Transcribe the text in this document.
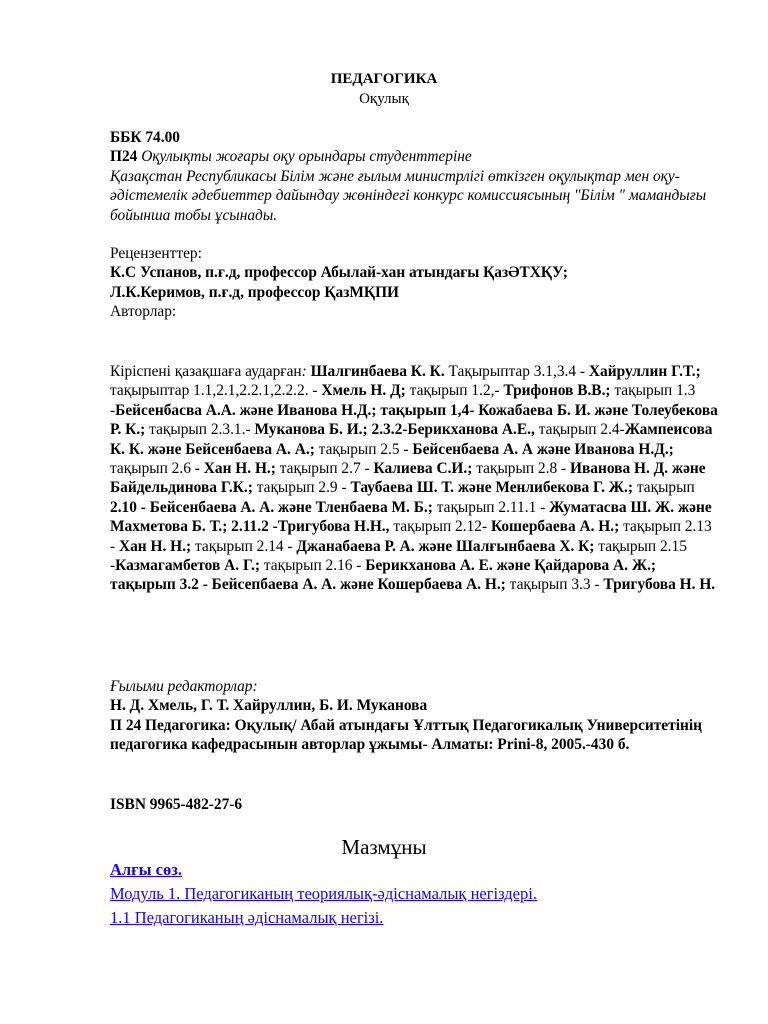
ПЕДАГОГИКА
Оқулық

ББК 74.00

П24 Оқулықты жоғары оқу орындары студенттеріне

Қазақстан Республикасы Білім және ғылым министрлігі өткізген оқулықтар мен оқу-әдістемелік әдебиеттер дайындау жөніндегі конкурс комиссиясының "Білім " мамандығы бойынша тобы ұсынады.

Рецензенттер:

К.С Успанов, п.ғ.д, профессор Абылай-хан атындағы ҚазӘТХҚУ;

Л.К.Керимов, п.ғ.д, профессор ҚазМҚПИ

Авторлар:

Кіріспені қазақшаға аударған: Шалгинбаева К. К. Тақырыптар 3.1,3.4 - Хайруллин Г.Т.; тақырыптар 1.1,2.1,2.2.1,2.2.2. - Хмель Н. Д; тақырып 1.2,- Трифонов В.В.; тақырып 1.3 -Бейсенбасва А.А. және Иванова Н.Д.; тақырып 1,4- Кожабаева Б. И. және Толеубекова Р. К.; тақырып 2.3.1.- Муканова Б. И.; 2.3.2-Берикханова А.Е., тақырып 2.4-Жампеисова К. К. және Бейсенбаева А. А.; тақырып 2.5 - Бейсенбаева А. А және Иванова Н.Д.; тақырып 2.6 - Хан Н. Н.; тақырып 2.7 - Калиева С.И.; тақырып 2.8 - Иванова Н. Д. және Байдельдинова Г.К.; тақырып 2.9 - Таубаева Ш. Т. және Менлибекова Г. Ж.; тақырып 2.10 - Бейсенбаева А. А. және Тленбаева М. Б.; тақырып 2.11.1 - Жуматасва Ш. Ж. және Махметова Б. Т.; 2.11.2 -Тригубова Н.Н., тақырып 2.12- Кошербаева А. Н.; тақырып 2.13 - Хан Н. Н.; тақырып 2.14 - Джанабаева Р. А. және Шалғынбаева Х. К; тақырып 2.15 -Казмагамбетов А. Г.; тақырып 2.16 - Берикханова А. Е. және Қайдарова А. Ж.; тақырып 3.2 - Бейсепбаева А. А. және Кошербаева А. Н.; тақырып 3.3 - Тригубова Н. Н.

Ғылыми редакторлар:

Н. Д. Хмель, Г. Т. Хайруллин, Б. И. Муканова

П 24 Педагогика: Оқулық/ Абай атындағы Ұлттық Педагогикалық Университетінің педагогика кафедрасынын авторлар ұжымы- Алматы: Prinі-8, 2005.-430 б.

ISBN 9965-482-27-6
Мазмұны
Алғы сөз.
Модуль 1. Педагогиканың теориялық-әдіснамалық негіздері.
1.1 Педагогиканың әдіснамалық негізі.
